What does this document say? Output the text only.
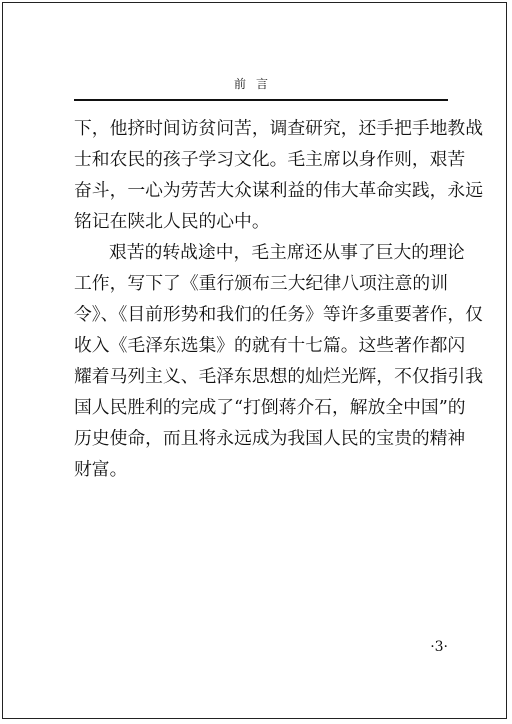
前言
下，他挤时间访贫问苦，调查研究，还手把手地教战
士和农民的孩子学习文化。毛主席以身作则，艰苦
奋斗，一心为劳苦大众谋利益的伟大革命实践，永远
铭记在陕北人民的心中。
艰苦的转战途中，毛主席还从事了巨大的理论
工作，写下了《重行颁布三大纪律八项注意的训
令》、《目前形势和我们的任务》等许多重要著作，仅
收入《毛泽东选集》的就有十七篇。这些著作都闪
耀着马列主义、毛泽东思想的灿烂光辉，不仅指引我
国人民胜利的完成了“打倒蒋介石，解放全中国”的
历史使命，而且将永远成为我国人民的宝贵的精神
财富。
·3·
